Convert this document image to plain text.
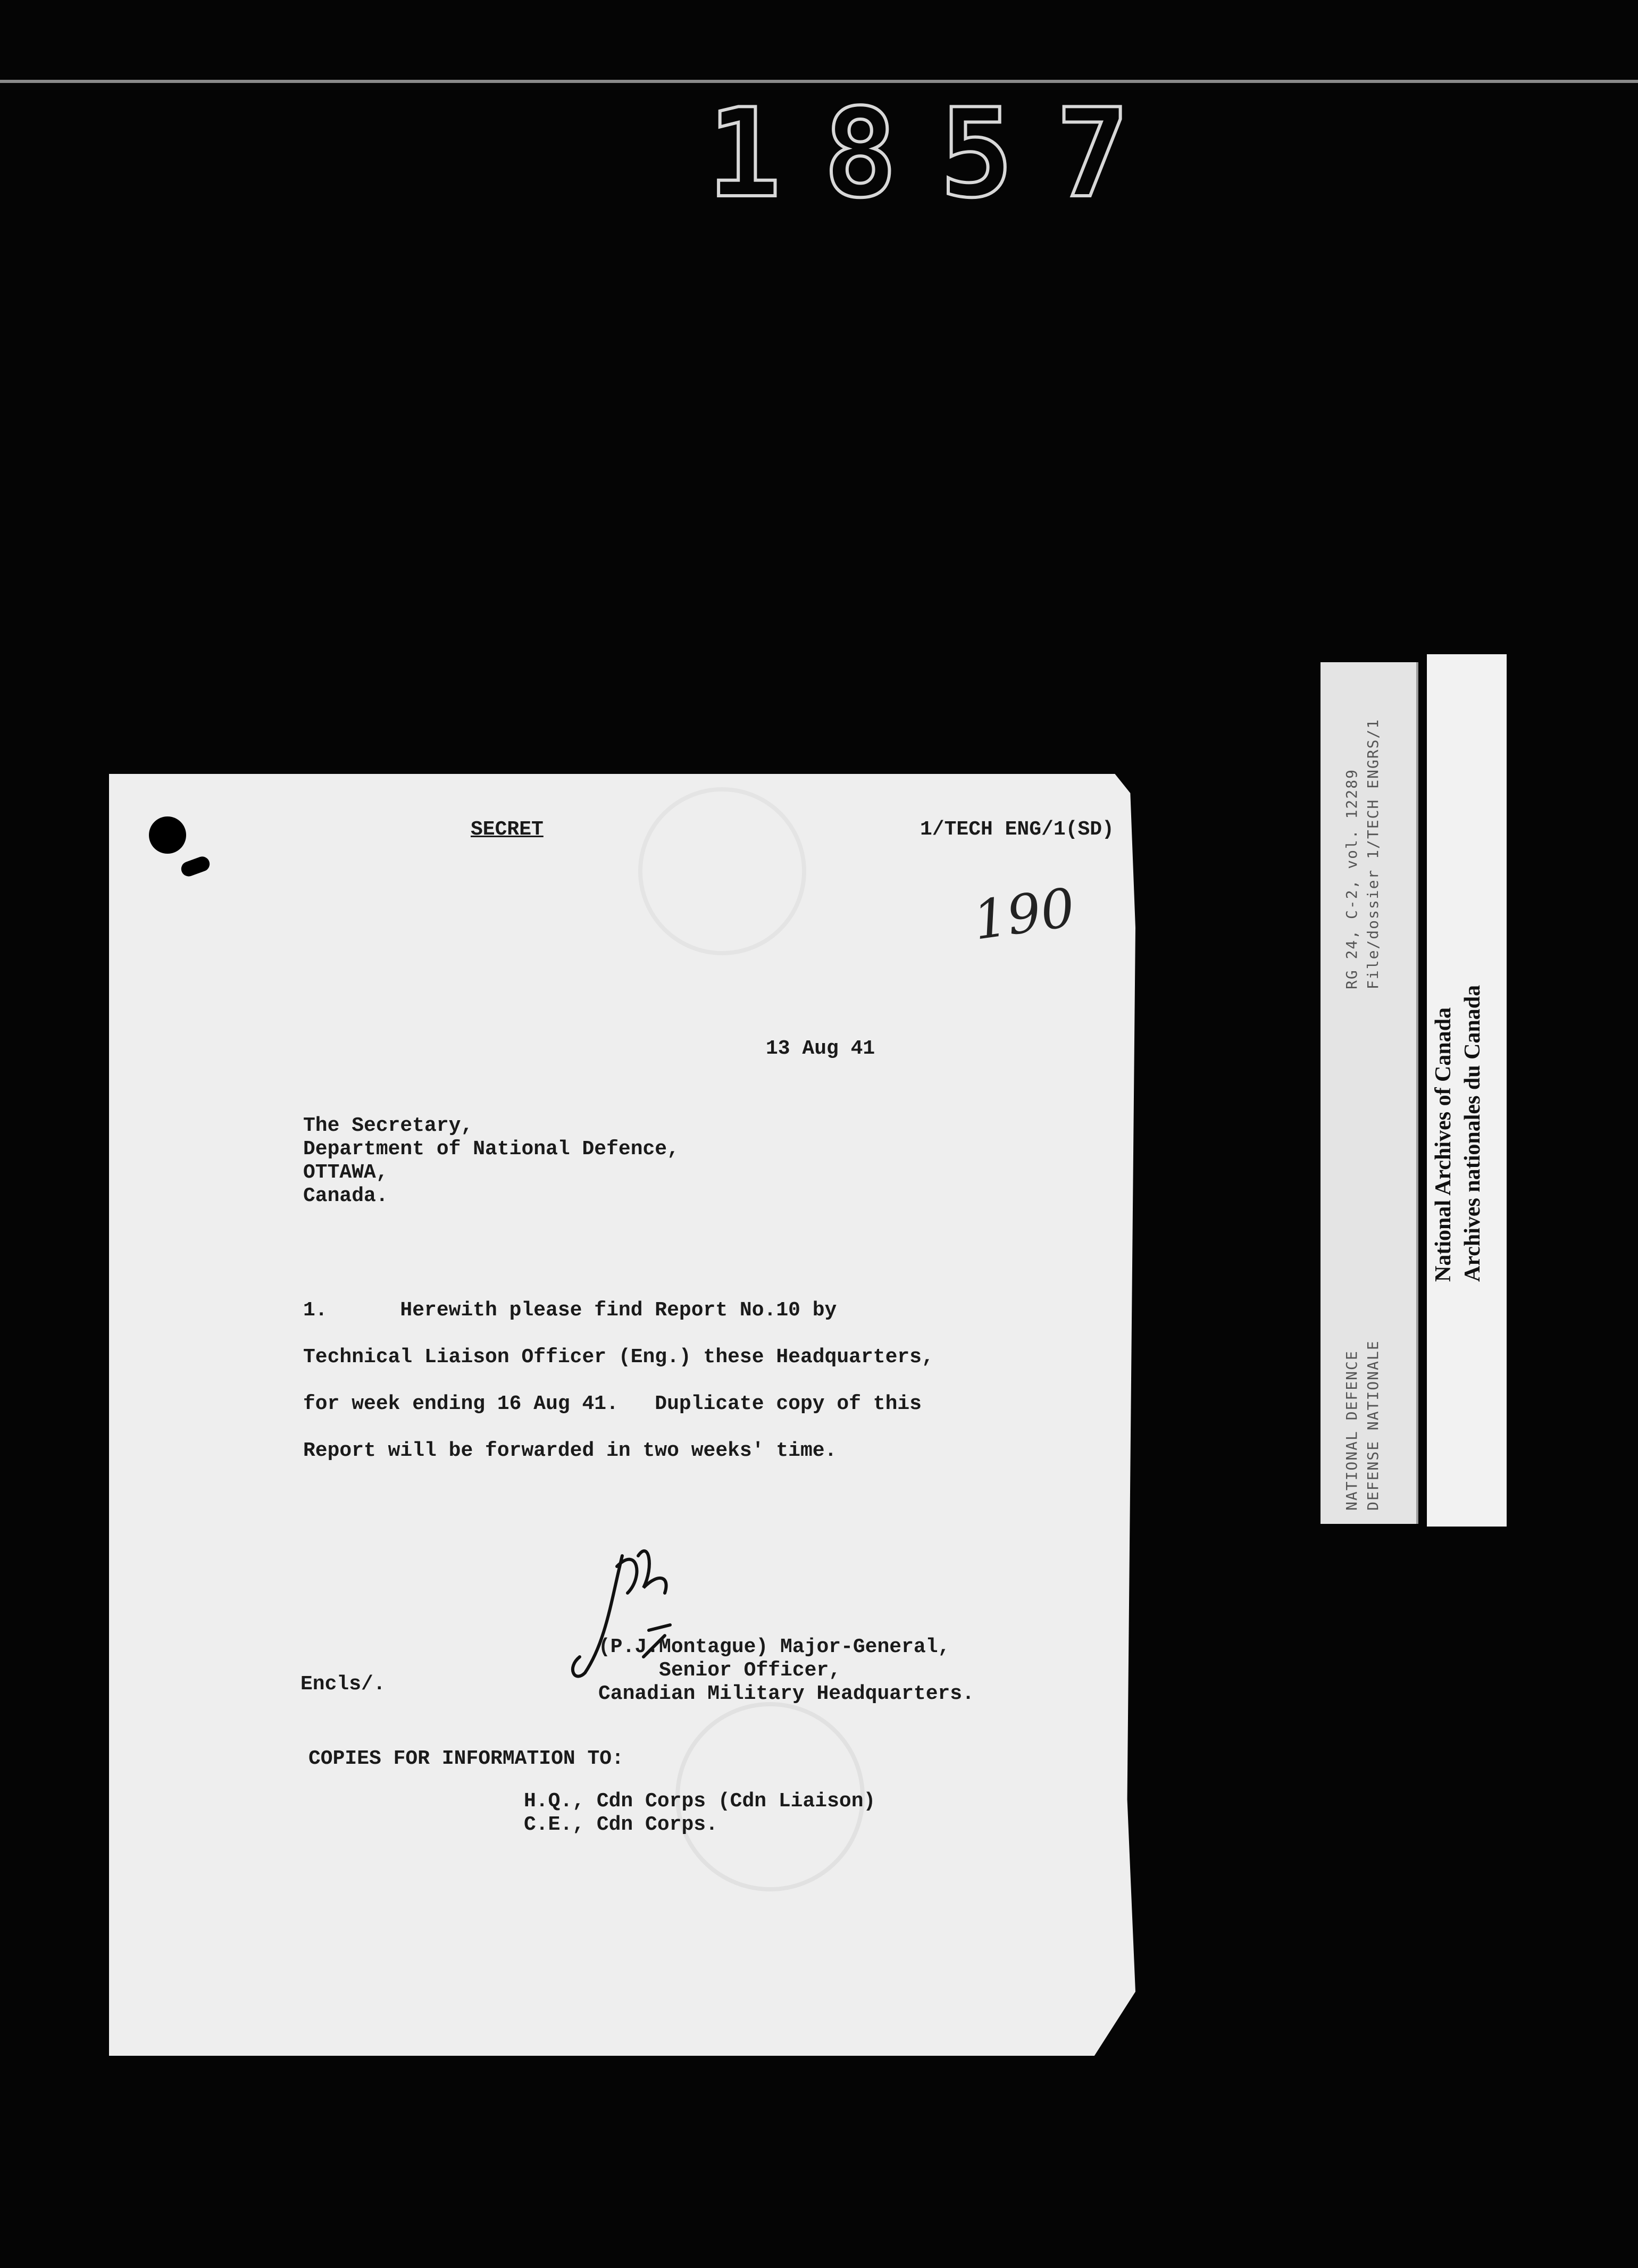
1857
RG 24, C-2, vol. 12289 File/dossier 1/TECH ENGRS/1
NATIONAL DEFENCE DEFENSE NATIONALE
National Archives of Canada Archives nationales du Canada
SECRET	1/TECH ENG/1(SD)
190
13 Aug 41
The Secretary,
Department of National Defence,
OTTAWA,
Canada.
1.      Herewith please find Report No.10 by
Technical Liaison Officer (Eng.) these Headquarters,
for week ending 16 Aug 41.   Duplicate copy of this
Report will be forwarded in two weeks' time.
(P.J.Montague) Major-General,
Senior Officer,
Canadian Military Headquarters.
Encls/.
COPIES FOR INFORMATION TO:
H.Q., Cdn Corps (Cdn Liaison)
C.E., Cdn Corps.
